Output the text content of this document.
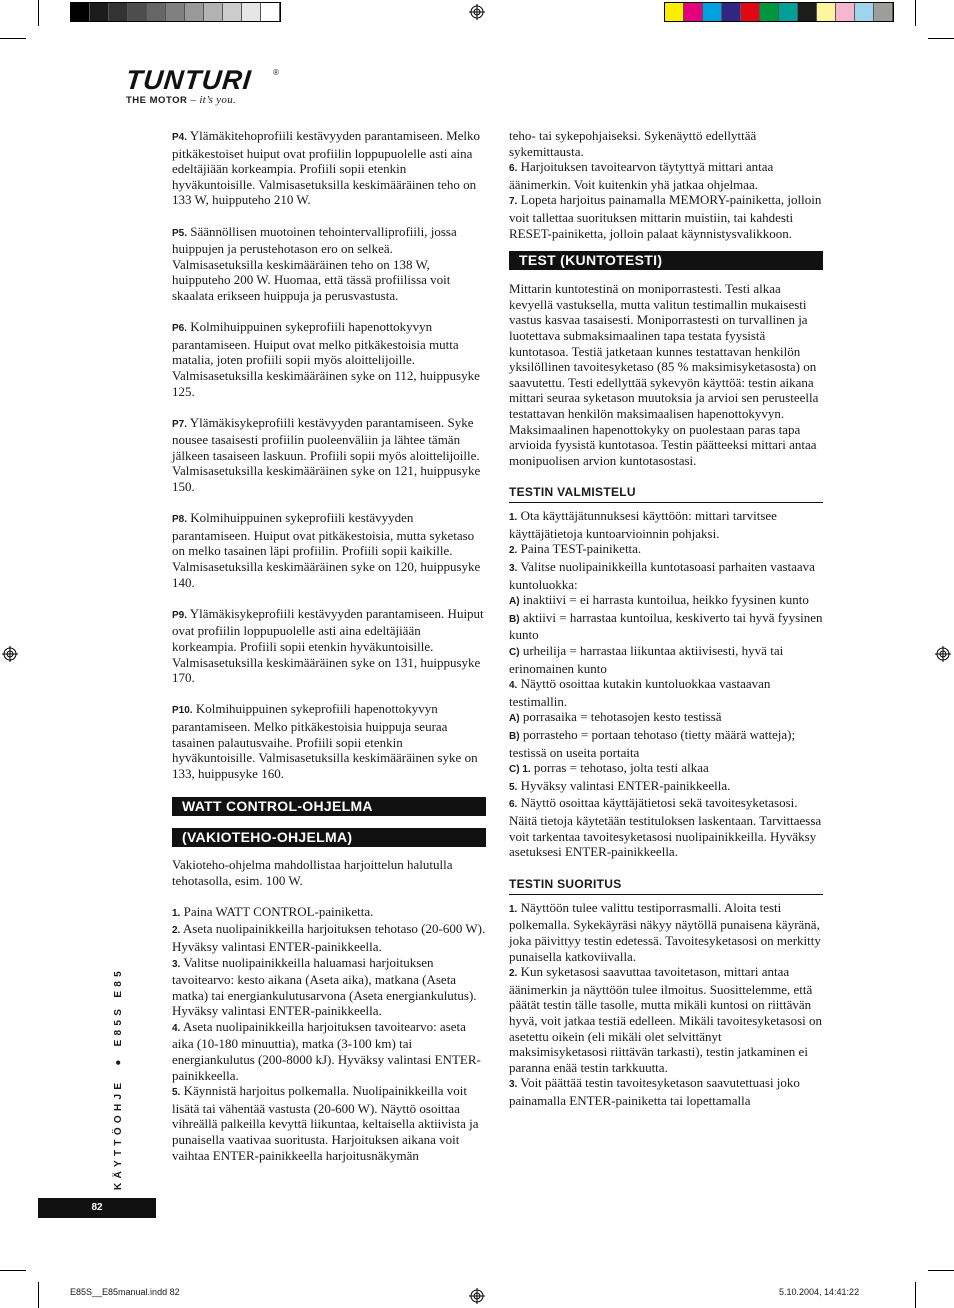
TUNTURI ®
THE MOTOR – it’s you.

P4. Ylämäkitehoprofiili kestävyyden parantamiseen. Melko pitkäkestoiset huiput ovat profiilin loppupuolelle asti aina edeltäjiään korkeampia. Profiili sopii etenkin hyväkuntoisille. Valmisasetuksilla keskimääräinen teho on 133 W, huipputeho 210 W.

P5. Säännöllisen muotoinen tehointervalliprofiili, jossa huippujen ja perustehotason ero on selkeä. Valmisasetuksilla keskimääräinen teho on 138 W, huipputeho 200 W. Huomaa, että tässä profiilissa voit skaalata erikseen huippuja ja perusvastusta.

P6. Kolmihuippuinen sykeprofiili hapenottokyvyn parantamiseen. Huiput ovat melko pitkäkestoisia mutta matalia, joten profiili sopii myös aloittelijoille. Valmisasetuksilla keskimääräinen syke on 112, huippusyke 125.

P7. Ylämäkisykeprofiili kestävyyden parantamiseen. Syke nousee tasaisesti profiilin puoleenväliin ja lähtee tämän jälkeen tasaiseen laskuun. Profiili sopii myös aloittelijoille. Valmisasetuksilla keskimääräinen syke on 121, huippusyke 150.

P8. Kolmihuippuinen sykeprofiili kestävyyden parantamiseen. Huiput ovat pitkäkestoisia, mutta syketaso on melko tasainen läpi profiilin. Profiili sopii kaikille. Valmisasetuksilla keskimääräinen syke on 120, huippusyke 140.

P9. Ylämäkisykeprofiili kestävyyden parantamiseen. Huiput ovat profiilin loppupuolelle asti aina edeltäjiään korkeampia. Profiili sopii etenkin hyväkuntoisille. Valmisasetuksilla keskimääräinen syke on 131, huippusyke 170.

P10. Kolmihuippuinen sykeprofiili hapenottokyvyn parantamiseen. Melko pitkäkestoisia huippuja seuraa tasainen palautusvaihe. Profiili sopii etenkin hyväkuntoisille. Valmisasetuksilla keskimääräinen syke on 133, huippusyke 160.

WATT CONTROL-OHJELMA
(VAKIOTEHO-OHJELMA)

Vakioteho-ohjelma mahdollistaa harjoittelun halutulla tehotasolla, esim. 100 W.

1. Paina WATT CONTROL-painiketta.

2. Aseta nuolipainikkeilla harjoituksen tehotaso (20-600 W). Hyväksy valintasi ENTER-painikkeella.

3. Valitse nuolipainikkeilla haluamasi harjoituksen tavoitearvo: kesto aikana (Aseta aika), matkana (Aseta matka) tai energiankulutusarvona (Aseta energiankulutus). Hyväksy valintasi ENTER-painikkeella.

4. Aseta nuolipainikkeilla harjoituksen tavoitearvo: aseta aika (10-180 minuuttia), matka (3-100 km) tai energiankulutus (200-8000 kJ). Hyväksy valintasi ENTER-painikkeella.

5. Käynnistä harjoitus polkemalla. Nuolipainikkeilla voit lisätä tai vähentää vastusta (20-600 W). Näyttö osoittaa vihreällä palkeilla kevyttä liikuntaa, keltaisella aktiivista ja punaisella vaativaa suoritusta. Harjoituksen aikana voit vaihtaa ENTER-painikkeella harjoitusnäkymän

teho- tai sykepohjaiseksi. Sykenäyttö edellyttää sykemittausta.

6. Harjoituksen tavoitearvon täytyttyä mittari antaa äänimerkin. Voit kuitenkin yhä jatkaa ohjelmaa.

7. Lopeta harjoitus painamalla MEMORY-painiketta, jolloin voit tallettaa suorituksen mittarin muistiin, tai kahdesti RESET-painiketta, jolloin palaat käynnistysvalikkoon.

TEST (KUNTOTESTI)

Mittarin kuntotestinä on moniporrastesti. Testi alkaa kevyellä vastuksella, mutta valitun testimallin mukaisesti vastus kasvaa tasaisesti. Moniporrastesti on turvallinen ja luotettava submaksimaalinen tapa testata fyysistä kuntotasoa. Testiä jatketaan kunnes testattavan henkilön yksilöllinen tavoitesyketaso (85 % maksimisyketasosta) on saavutettu. Testi edellyttää sykevyön käyttöä: testin aikana mittari seuraa syketason muutoksia ja arvioi sen perusteella testattavan henkilön maksimaalisen hapenottokyvyn. Maksimaalinen hapenottokyky on puolestaan paras tapa arvioida fyysistä kuntotasoa. Testin päätteeksi mittari antaa monipuolisen arvion kuntotasostasi.

TESTIN VALMISTELU

1. Ota käyttäjätunnuksesi käyttöön: mittari tarvitsee käyttäjätietoja kuntoarvioinnin pohjaksi.

2. Paina TEST-painiketta.

3. Valitse nuolipainikkeilla kuntotasoasi parhaiten vastaava kuntoluokka:

A) inaktiivi = ei harrasta kuntoilua, heikko fyysinen kunto

B) aktiivi = harrastaa kuntoilua, keskiverto tai hyvä fyysinen kunto

C) urheilija = harrastaa liikuntaa aktiivisesti, hyvä tai erinomainen kunto

4. Näyttö osoittaa kutakin kuntoluokkaa vastaavan testimallin.

A) porrasaika = tehotasojen kesto testissä

B) porrasteho = portaan tehotaso (tietty määrä watteja); testissä on useita portaita

C) 1. porras = tehotaso, jolta testi alkaa

5. Hyväksy valintasi ENTER-painikkeella.

6. Näyttö osoittaa käyttäjätietosi sekä tavoitesyketasosi. Näitä tietoja käytetään testituloksen laskentaan. Tarvittaessa voit tarkentaa tavoitesyketasosi nuolipainikkeilla. Hyväksy asetuksesi ENTER-painikkeella.

TESTIN SUORITUS

1. Näyttöön tulee valittu testiporrasmalli. Aloita testi polkemalla. Sykekäyräsi näkyy näytöllä punaisena käyränä, joka päivittyy testin edetessä. Tavoitesyketasosi on merkitty punaisella katkoviivalla.

2. Kun syketasosi saavuttaa tavoitetason, mittari antaa äänimerkin ja näyttöön tulee ilmoitus. Suosittelemme, että päätät testin tälle tasolle, mutta mikäli kuntosi on riittävän hyvä, voit jatkaa testiä edelleen. Mikäli tavoitesyketasosi on asetettu oikein (eli mikäli olet selvittänyt maksimisyketasosi riittävän tarkasti), testin jatkaminen ei paranna enää testin tarkkuutta.

3. Voit päättää testin tavoitesyketason saavutettuasi joko painamalla ENTER-painiketta tai lopettamalla

KÄYTTÖOHJE ● E85S E85
82
E85S__E85manual.indd 82	5.10.2004, 14:41:22
